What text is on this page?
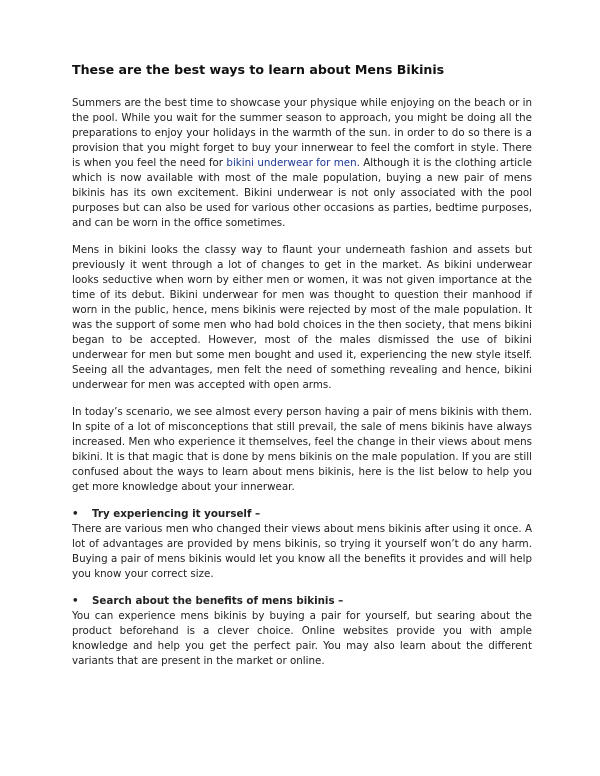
These are the best ways to learn about Mens Bikinis

Summers are the best time to showcase your physique while enjoying on the beach or in the pool. While you wait for the summer season to approach, you might be doing all the preparations to enjoy your holidays in the warmth of the sun. in order to do so there is a provision that you might forget to buy your innerwear to feel the comfort in style. There is when you feel the need for bikini underwear for men. Although it is the clothing article which is now available with most of the male population, buying a new pair of mens bikinis has its own excitement. Bikini underwear is not only associated with the pool purposes but can also be used for various other occasions as parties, bedtime purposes, and can be worn in the office sometimes.

Mens in bikini looks the classy way to flaunt your underneath fashion and assets but previously it went through a lot of changes to get in the market. As bikini underwear looks seductive when worn by either men or women, it was not given importance at the time of its debut. Bikini underwear for men was thought to question their manhood if worn in the public, hence, mens bikinis were rejected by most of the male population. It was the support of some men who had bold choices in the then society, that mens bikini began to be accepted. However, most of the males dismissed the use of bikini underwear for men but some men bought and used it, experiencing the new style itself. Seeing all the advantages, men felt the need of something revealing and hence, bikini underwear for men was accepted with open arms.

In today’s scenario, we see almost every person having a pair of mens bikinis with them. In spite of a lot of misconceptions that still prevail, the sale of mens bikinis have always increased. Men who experience it themselves, feel the change in their views about mens bikini. It is that magic that is done by mens bikinis on the male population. If you are still confused about the ways to learn about mens bikinis, here is the list below to help you get more knowledge about your innerwear.

• Try experiencing it yourself –

There are various men who changed their views about mens bikinis after using it once. A lot of advantages are provided by mens bikinis, so trying it yourself won’t do any harm. Buying a pair of mens bikinis would let you know all the benefits it provides and will help you know your correct size.

• Search about the benefits of mens bikinis –

You can experience mens bikinis by buying a pair for yourself, but searing about the product beforehand is a clever choice. Online websites provide you with ample knowledge and help you get the perfect pair. You may also learn about the different variants that are present in the market or online.
